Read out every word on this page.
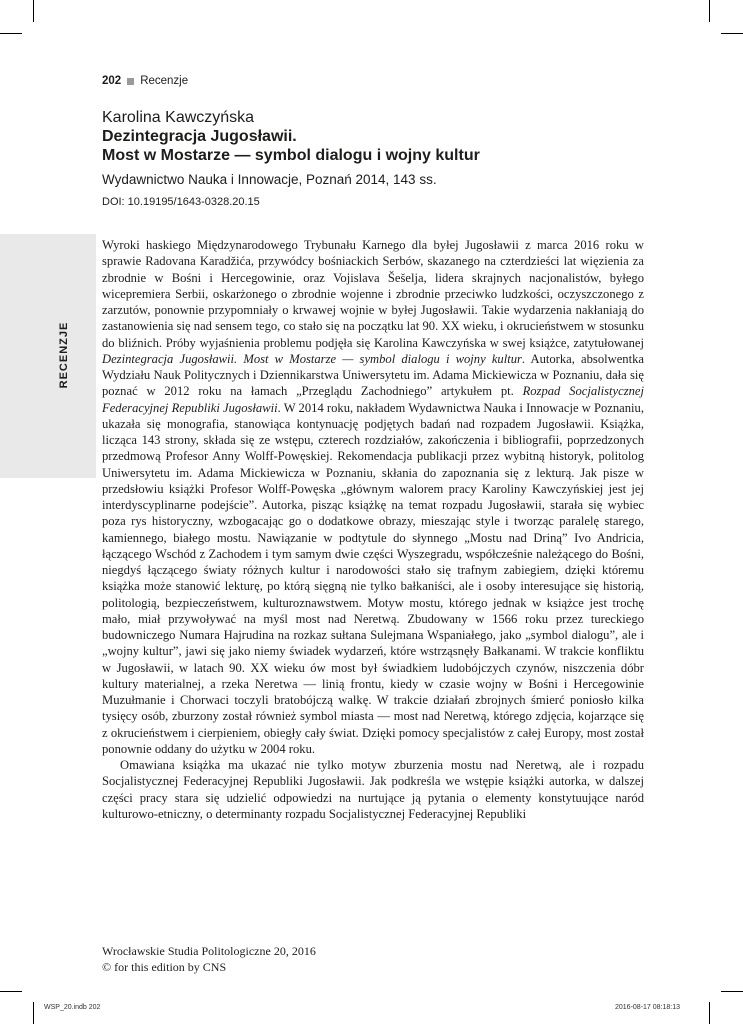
202 Recenzje
Karolina Kawczyńska
Dezintegracja Jugosławii.
Most w Mostarze — symbol dialogu i wojny kultur
Wydawnictwo Nauka i Innowacje, Poznań 2014, 143 ss.
DOI: 10.19195/1643-0328.20.15
RECENZJE

Wyroki haskiego Międzynarodowego Trybunału Karnego dla byłej Jugosławii z marca 2016 roku w sprawie Radovana Karadžića, przywódcy bośniackich Serbów, skazanego na czterdzieści lat więzienia za zbrodnie w Bośni i Hercegowinie, oraz Vojislava Šešelja, lidera skrajnych nacjonalistów, byłego wicepremiera Serbii, oskarżonego o zbrodnie wojenne i zbrodnie przeciwko ludzkości, oczyszczonego z zarzutów, ponownie przypomniały o krwawej wojnie w byłej Jugosławii. Takie wydarzenia nakłaniają do zastanowienia się nad sensem tego, co stało się na początku lat 90. XX wieku, i okrucieństwem w stosunku do bliźnich. Próby wyjaśnienia problemu podjęła się Karolina Kawczyńska w swej książce, zatytułowanej Dezintegracja Jugosławii. Most w Mostarze — symbol dialogu i wojny kultur. Autorka, absolwentka Wydziału Nauk Politycznych i Dziennikarstwa Uniwersytetu im. Adama Mickiewicza w Poznaniu, dała się poznać w 2012 roku na łamach „Przeglądu Zachodniego” artykułem pt. Rozpad Socjalistycznej Federacyjnej Republiki Jugosławii. W 2014 roku, nakładem Wydawnictwa Nauka i Innowacje w Poznaniu, ukazała się monografia, stanowiąca kontynuację podjętych badań nad rozpadem Jugosławii. Książka, licząca 143 strony, składa się ze wstępu, czterech rozdziałów, zakończenia i bibliografii, poprzedzonych przedmową Profesor Anny Wolff-Powęskiej. Rekomendacja publikacji przez wybitną historyk, politolog Uniwersytetu im. Adama Mickiewicza w Poznaniu, skłania do zapoznania się z lekturą. Jak pisze w przedsłowiu książki Profesor Wolff-Powęska „głównym walorem pracy Karoliny Kawczyńskiej jest jej interdyscyplinarne podejście”. Autorka, pisząc książkę na temat rozpadu Jugosławii, starała się wybiec poza rys historyczny, wzbogacając go o dodatkowe obrazy, mieszając style i tworząc paralelę starego, kamiennego, białego mostu. Nawiązanie w podtytule do słynnego „Mostu nad Driną” Ivo Andricia, łączącego Wschód z Zachodem i tym samym dwie części Wyszegradu, współcześnie należącego do Bośni, niegdyś łączącego światy różnych kultur i narodowości stało się trafnym zabiegiem, dzięki któremu książka może stanowić lekturę, po którą sięgną nie tylko bałkaniści, ale i osoby interesujące się historią, politologią, bezpieczeństwem, kulturoznawstwem. Motyw mostu, którego jednak w książce jest trochę mało, miał przywoływać na myśl most nad Neretwą. Zbudowany w 1566 roku przez tureckiego budowniczego Numara Hajrudina na rozkaz sułtana Sulejmana Wspaniałego, jako „symbol dialogu”, ale i „wojny kultur”, jawi się jako niemy świadek wydarzeń, które wstrząsnęły Bałkanami. W trakcie konfliktu w Jugosławii, w latach 90. XX wieku ów most był świadkiem ludobójczych czynów, niszczenia dóbr kultury materialnej, a rzeka Neretwa — linią frontu, kiedy w czasie wojny w Bośni i Hercegowinie Muzułmanie i Chorwaci toczyli bratobójczą walkę. W trakcie działań zbrojnych śmierć poniosło kilka tysięcy osób, zburzony został również symbol miasta — most nad Neretwą, którego zdjęcia, kojarzące się z okrucieństwem i cierpieniem, obiegły cały świat. Dzięki pomocy specjalistów z całej Europy, most został ponownie oddany do użytku w 2004 roku.

Omawiana książka ma ukazać nie tylko motyw zburzenia mostu nad Neretwą, ale i rozpadu Socjalistycznej Federacyjnej Republiki Jugosławii. Jak podkreśla we wstępie książki autorka, w dalszej części pracy stara się udzielić odpowiedzi na nurtujące ją pytania o elementy konstytuujące naród kulturowo-etniczny, o determinanty rozpadu Socjalistycznej Federacyjnej Republiki

Wrocławskie Studia Politologiczne 20, 2016
© for this edition by CNS
WSP_20.indb 202	2016-08-17 08:18:13
